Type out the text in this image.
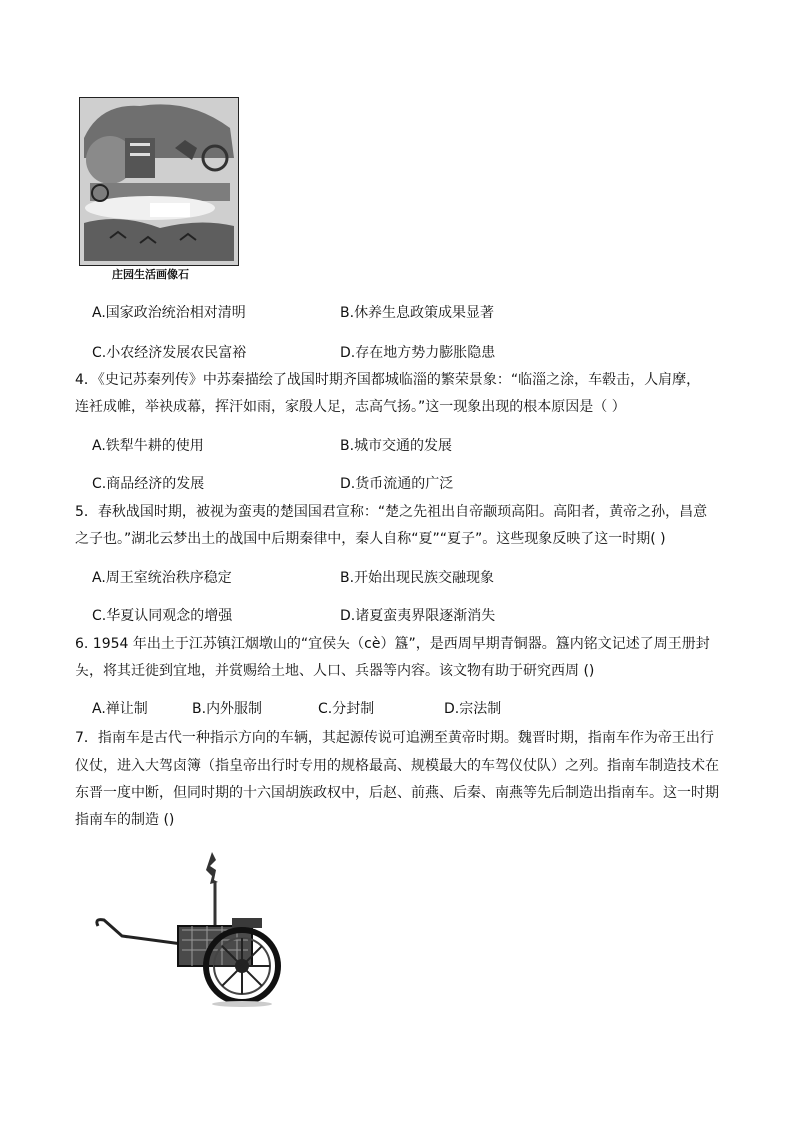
庄园生活画像石
A.国家政治统治相对清明	B.休养生息政策成果显著
C.小农经济发展农民富裕	D.存在地方势力膨胀隐患
4．《史记苏秦列传》中苏秦描绘了战国时期齐国都城临淄的繁荣景象：“临淄之涂，车毂击，人肩摩，
连衽成帷，举袂成幕，挥汗如雨，家殷人足，志高气扬。”这一现象出现的根本原因是（ ）
A.铁犁牛耕的使用	B.城市交通的发展
C.商品经济的发展	D.货币流通的广泛
5．春秋战国时期，被视为蛮夷的楚国国君宣称：“楚之先祖出自帝颛顼高阳。高阳者，黄帝之孙，昌意
之子也。”湖北云梦出土的战国中后期秦律中，秦人自称“夏”“夏子”。这些现象反映了这一时期( )
A.周王室统治秩序稳定	B.开始出现民族交融现象
C.华夏认同观念的增强	D.诸夏蛮夷界限逐渐消失
6. 1954 年出土于江苏镇江烟墩山的“宜侯夨（cè）簋”，是西周早期青铜器。簋内铭文记述了周王册封
夨，将其迁徙到宜地，并赏赐给土地、人口、兵器等内容。该文物有助于研究西周 ()
A.禅让制	B.内外服制	C.分封制	D.宗法制
7．指南车是古代一种指示方向的车辆，其起源传说可追溯至黄帝时期。魏晋时期，指南车作为帝王出行
仪仗，进入大驾卤簿（指皇帝出行时专用的规格最高、规模最大的车驾仪仗队）之列。指南车制造技术在
东晋一度中断，但同时期的十六国胡族政权中，后赵、前燕、后秦、南燕等先后制造出指南车。这一时期
指南车的制造 ()
